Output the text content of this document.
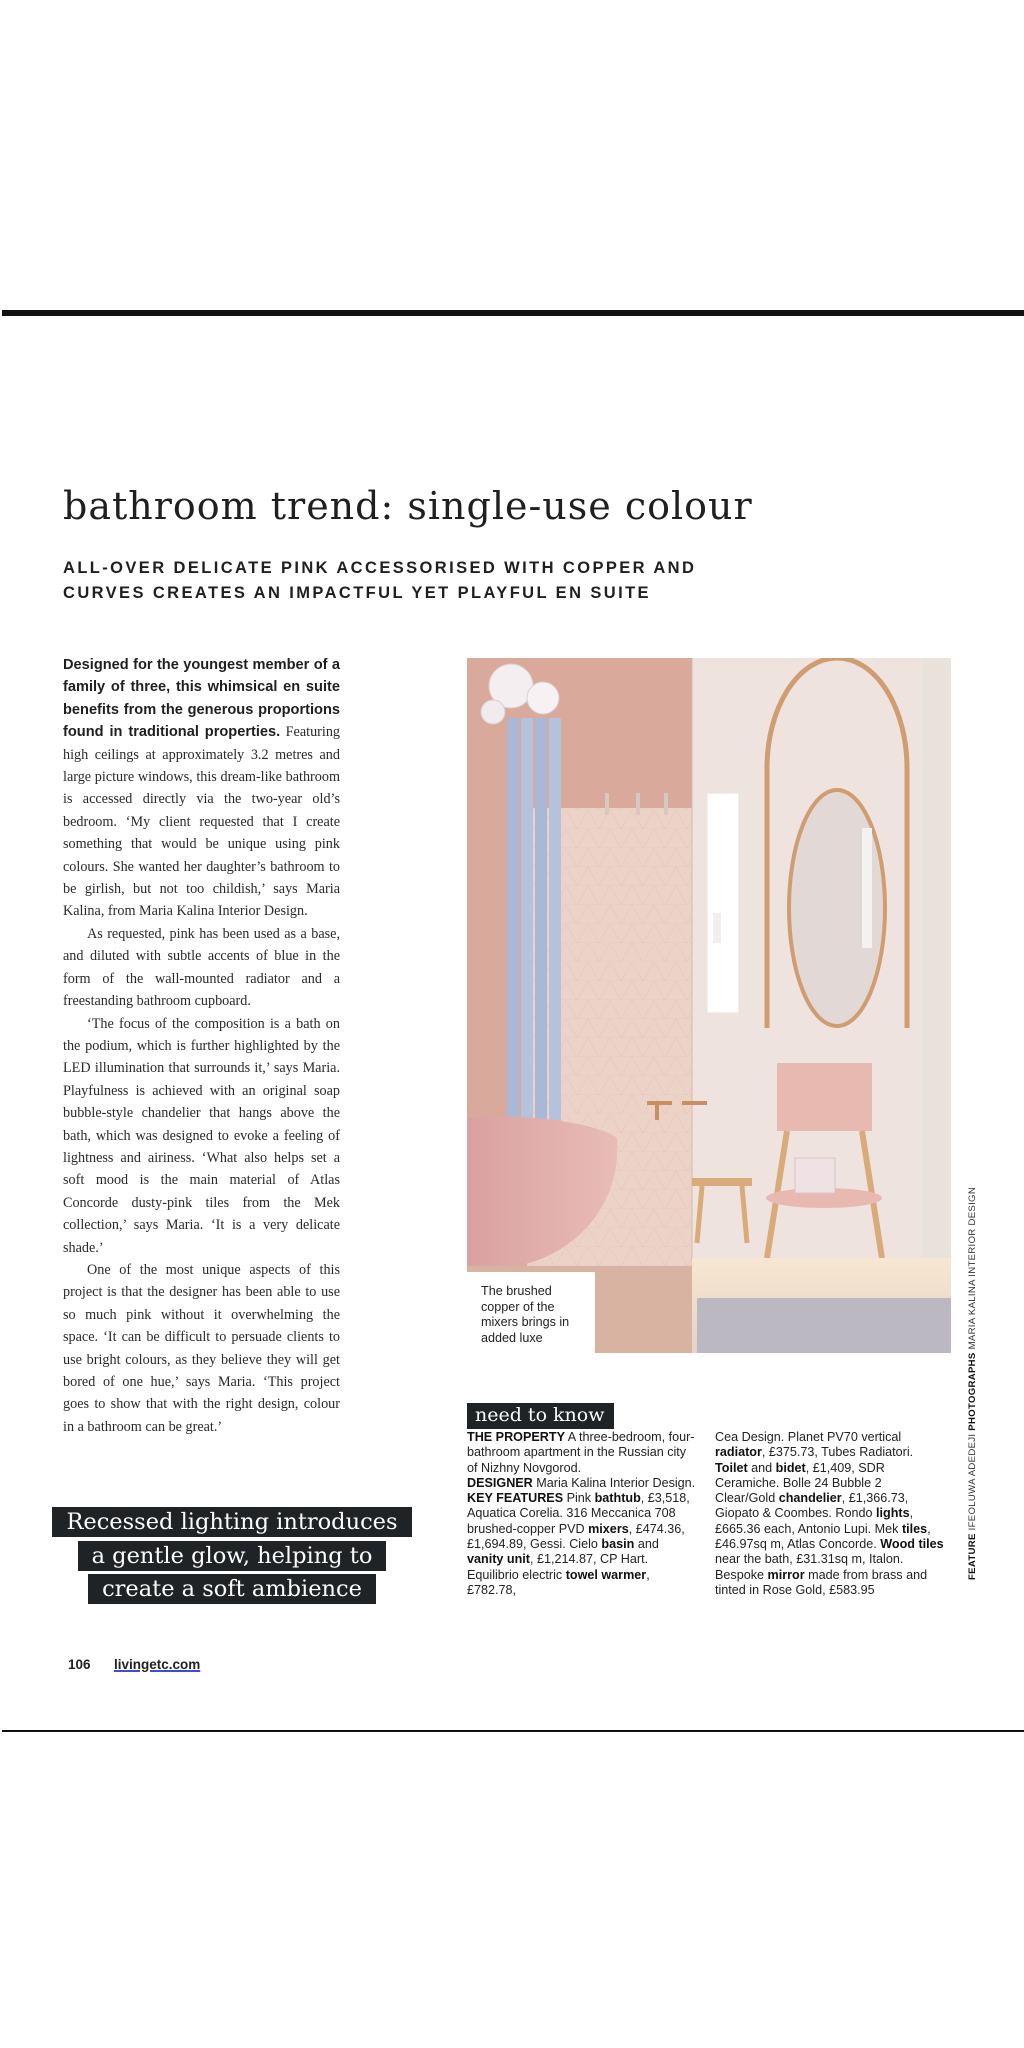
bathroom trend: single-use colour
ALL-OVER DELICATE PINK ACCESSORISED WITH COPPER AND CURVES CREATES AN IMPACTFUL YET PLAYFUL EN SUITE

Designed for the youngest member of a family of three, this whimsical en suite benefits from the generous proportions found in traditional properties. Featuring high ceilings at approximately 3.2 metres and large picture windows, this dream-like bathroom is accessed directly via the two-year old’s bedroom. ‘My client requested that I create something that would be unique using pink colours. She wanted her daughter’s bathroom to be girlish, but not too childish,’ says Maria Kalina, from Maria Kalina Interior Design.

As requested, pink has been used as a base, and diluted with subtle accents of blue in the form of the wall-mounted radiator and a freestanding bathroom cupboard.

‘The focus of the composition is a bath on the podium, which is further highlighted by the LED illumination that surrounds it,’ says Maria. Playfulness is achieved with an original soap bubble-style chandelier that hangs above the bath, which was designed to evoke a feeling of lightness and airiness. ‘What also helps set a soft mood is the main material of Atlas Concorde dusty-pink tiles from the Mek collection,’ says Maria. ‘It is a very delicate shade.’

One of the most unique aspects of this project is that the designer has been able to use so much pink without it overwhelming the space. ‘It can be difficult to persuade clients to use bright colours, as they believe they will get bored of one hue,’ says Maria. ‘This project goes to show that with the right design, colour in a bathroom can be great.’

Recessed lighting introduces
a gentle glow, helping to
create a soft ambience
The brushed copper of the mixers brings in added luxe
FEATURE IFEOLUWA ADEDEJI PHOTOGRAPHS MARIA KALINA INTERIOR DESIGN
need to know
THE PROPERTY A three-bedroom, four-bathroom apartment in the Russian city of Nizhny Novgorod.
DESIGNER Maria Kalina Interior Design.
KEY FEATURES Pink bathtub, £3,518, Aquatica Corelia. 316 Meccanica 708 brushed-copper PVD mixers, £474.36, £1,694.89, Gessi. Cielo basin and vanity unit, £1,214.87, CP Hart. Equilibrio electric towel warmer, £782.78,
Cea Design. Planet PV70 vertical radiator, £375.73, Tubes Radiatori. Toilet and bidet, £1,409, SDR Ceramiche. Bolle 24 Bubble 2 Clear/Gold chandelier, £1,366.73, Giopato & Coombes. Rondo lights, £665.36 each, Antonio Lupi. Mek tiles, £46.97sq m, Atlas Concorde. Wood tiles near the bath, £31.31sq m, Italon. Bespoke mirror made from brass and tinted in Rose Gold, £583.95
106 livingetc.com
